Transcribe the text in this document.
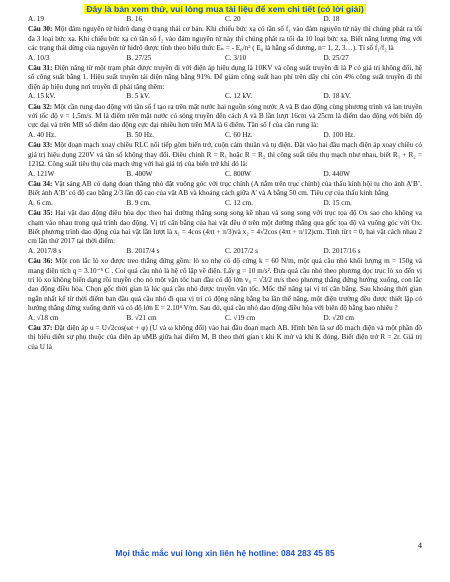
Đây là bản xem thử, vui lòng mua tài liệu để xem chi tiết (có lời giải)
A. 19	B. 16	C. 20	D. 18
Câu 30: Một đám nguyên tử hiđrô đang ở trạng thái cơ bản. Khi chiếu bức xạ có tần số f₁ vào đám nguyên tử này thì chúng phát ra tối đa 3 loại bức xạ. Khi chiếu bức xạ có tần số f₂ vào đám nguyên tử này thì chúng phát ra tối đa 10 loại bức xạ. Biết năng lượng ứng với các trạng thái dừng của nguyên tử hiđrô được tính theo biểu thức Eₙ = - E₀/n² ( E₀ là hằng số dương, n= 1, 2, 3…). Tỉ số f₁/f₂ là
A. 10/3	B. 27/25	C. 3/10	D. 25/27
Câu 31: Điện năng từ một trạm phát được truyền đi với điện áp hiệu dụng là 10KV và công suất truyền đi là P có giá trị không đổi, hệ số công suất bằng 1. Hiệu suất truyền tải điện năng bằng 91%. Để giảm công suất hao phí trên dây chỉ còn 4% công suất truyền đi thì điện áp hiệu dụng nơi truyền đi phải tăng thêm:
A. 15 kV.	B. 5 kV.	C. 12 kV.	D. 18 kV.
Câu 32: Một cần rung dao động với tần số f tạo ra trên mặt nước hai nguồn sóng nước A và B dao động cùng phương trình và lan truyền với tốc độ v = 1,5m/s. M là điểm trên mặt nước có sóng truyền đến cách A và B lần lượt 16cm và 25cm là điểm dao động với biên độ cực đại và trên MB số điểm dao động cực đại nhiều hơn trên MA là 6 điểm. Tần số f của cần rung là:
A. 40 Hz.	B. 50 Hz.	C. 60 Hz.	D. 100 Hz.
Câu 33: Một đoạn mạch xoay chiều RLC nối tiếp gồm biến trở, cuộn cảm thuần và tụ điện. Đặt vào hai đầu mạch điện áp xoay chiều có giá trị hiệu dụng 220V và tần số không thay đổi. Điều chỉnh R = R₁ hoặc R = R₂ thì công suất tiêu thụ mạch như nhau, biết R₁ + R₂ = 121Ω. Công suất tiêu thụ của mạch ứng với hai giá trị của biến trở khi đó là:
A. 121W	B. 400W	C. 800W	D. 440W
Câu 34: Vật sáng AB có dạng đoạn thẳng nhỏ đặt vuông góc với trục chính (A nằm trên trục chính) của thấu kính hội tụ cho ảnh A’B’. Biết ảnh A’B’ có độ cao bằng 2/3 lần độ cao của vật AB và khoảng cách giữa A’ và A bằng 50 cm. Tiêu cự của thấu kính bằng
A. 6 cm.	B. 9 cm.	C. 12 cm.	D. 15 cm.
Câu 35: Hai vật dao động điều hòa dọc theo hai đường thẳng song song kề nhau và song song với trục tọa độ Ox sao cho không va chạm vào nhau trong quá trình dao động. Vị trí cân bằng của hai vật đều ở trên một đường thẳng qua gốc tọa độ và vuông góc với Ox. Biết phương trình dao động của hai vật lần lượt là x₁ = 4cos (4πt + π/3)và x₂ = 4√2cos (4πt + π/12)cm. Tính từ t = 0, hai vật cách nhau 2 cm lần thứ 2017 tại thời điểm:
A. 2017/8 s	B. 2017/4 s	C. 2017/2 s	D. 2017/16 s
Câu 36: Một con lắc lò xo được treo thẳng đứng gồm: lò xo nhẹ có độ cứng k = 60 N/m, một quả cầu nhỏ khối lượng m = 150g và mang điện tích q = 3.10⁻⁵ C . Coi quả cầu nhỏ là hệ cô lập về điện. Lấy g = 10 m/s². Đưa quả cầu nhỏ theo phương dọc trục lò xo đến vị trí lò xo không biến dạng rồi truyền cho nó một vận tốc ban đầu có độ lớn v₀ = √3/2 m/s theo phương thẳng đứng hướng xuống, con lắc dao động điều hòa. Chọn gốc thời gian là lúc quả cầu nhỏ được truyền vận tốc. Mốc thế năng tại vị trí cân bằng. Sau khoảng thời gian ngắn nhất kể từ thời điểm ban đầu quả cầu nhỏ đi qua vị trí có động năng bằng ba lần thế năng, một điện trường đều được thiết lập có hướng thẳng đứng xuống dưới và có độ lớn E = 2.10⁴ V/m. Sau đó, quả cầu nhỏ dao động điều hòa với biên độ bằng bao nhiêu ?
A. √18 cm	B. √21 cm	C. √19 cm	D. √20 cm
Câu 37: Đặt điện áp u = U√2cos(ωt + φ) (U và ω không đổi) vào hai đầu đoạn mạch AB. Hình bên là sơ đồ mạch điện và một phần đồ thị biểu diễn sự phụ thuộc của điện áp uMB giữa hai điểm M, B theo thời gian t khi K mở và khi K đóng. Biết điện trở R = 2r. Giá trị của U là
4
Mọi thắc mắc vui lòng xin liên hệ hotline: 084 283 45 85
